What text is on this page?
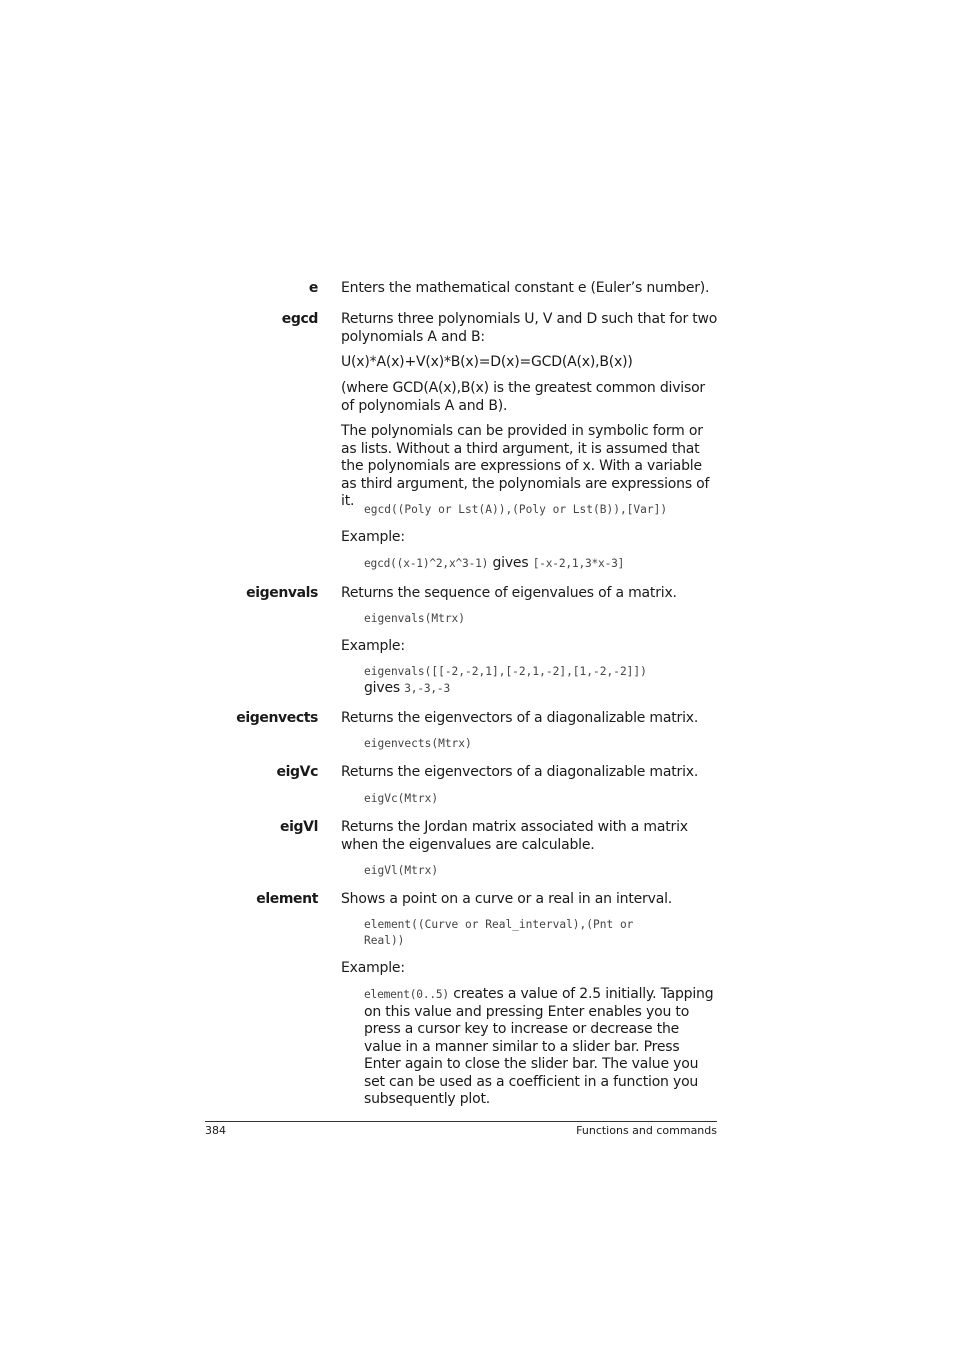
e Enters the mathematical constant e (Euler’s number).
egcd Returns three polynomials U, V and D such that for two polynomials A and B:
U(x)*A(x)+V(x)*B(x)=D(x)=GCD(A(x),B(x))
(where GCD(A(x),B(x) is the greatest common divisor of polynomials A and B).
The polynomials can be provided in symbolic form or as lists. Without a third argument, it is assumed that the polynomials are expressions of x. With a variable as third argument, the polynomials are expressions of it.
egcd((Poly or Lst(A)),(Poly or Lst(B)),[Var])
Example:
egcd((x-1)^2,x^3-1) gives [-x-2,1,3*x-3]
eigenvals Returns the sequence of eigenvalues of a matrix.
eigenvals(Mtrx)
Example:
eigenvals([[-2,-2,1],[-2,1,-2],[1,-2,-2]])
gives 3,-3,-3
eigenvects Returns the eigenvectors of a diagonalizable matrix.
eigenvects(Mtrx)
eigVc Returns the eigenvectors of a diagonalizable matrix.
eigVc(Mtrx)
eigVl Returns the Jordan matrix associated with a matrix when the eigenvalues are calculable.
eigVl(Mtrx)
element Shows a point on a curve or a real in an interval.
element((Curve or Real_interval),(Pnt or
Real))
Example:
element(0..5) creates a value of 2.5 initially. Tapping on this value and pressing Enter enables you to press a cursor key to increase or decrease the value in a manner similar to a slider bar. Press Enter again to close the slider bar. The value you set can be used as a coefficient in a function you subsequently plot.
384	Functions and commands
